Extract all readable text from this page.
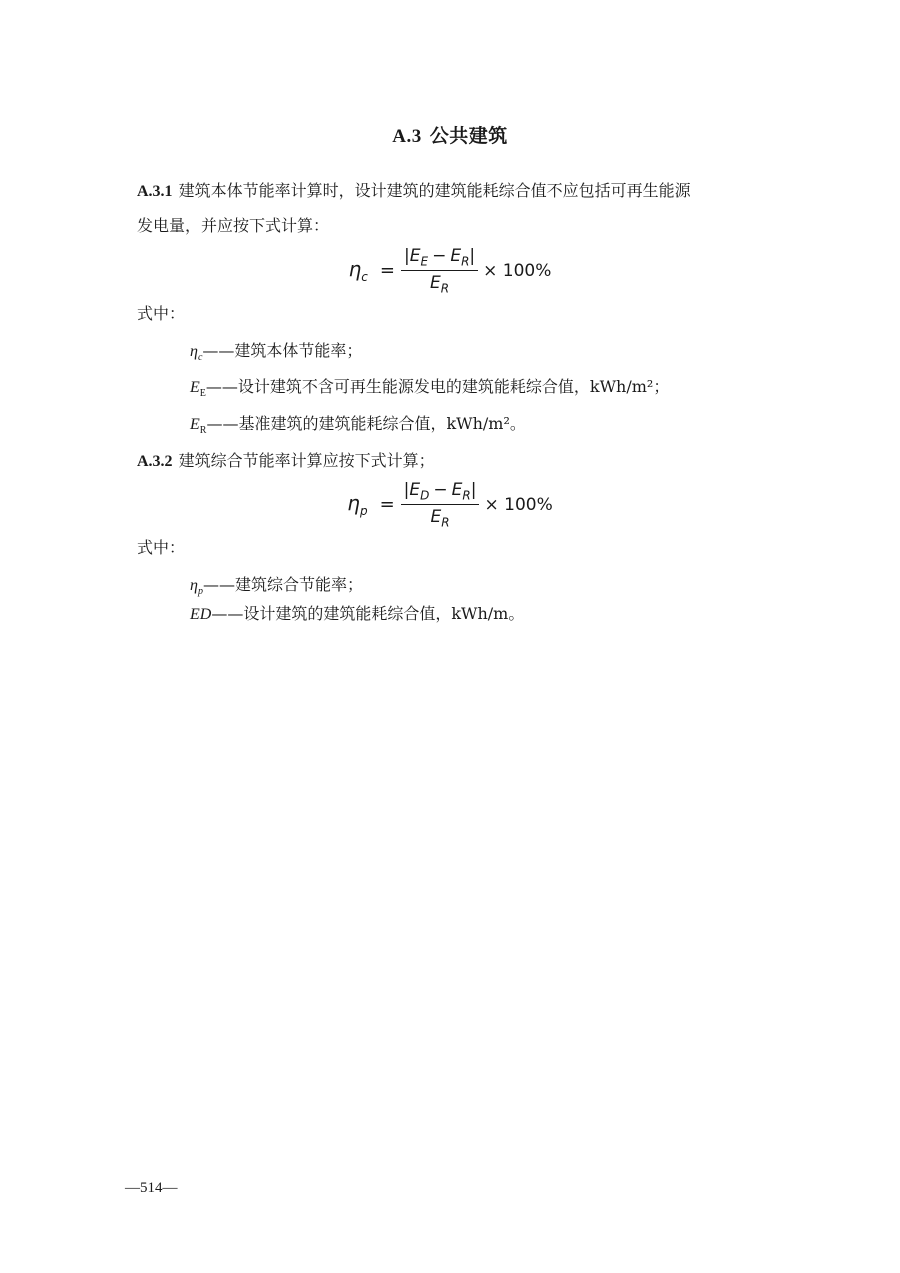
A.3 公共建筑
A.3.1 建筑本体节能率计算时，设计建筑的建筑能耗综合值不应包括可再生能源
发电量，并应按下式计算：
$\eta_c = \frac{|E_E - E_R|}{E_R} \times 100\%$
式中：
$\eta_c——$建筑本体节能率；
$E_E——$设计建筑不含可再生能源发电的建筑能耗综合值，kWh/m²；
$E_R——$基准建筑的建筑能耗综合值，kWh/m²。
A.3.2 建筑综合节能率计算应按下式计算；
$\eta_p = \frac{|E_D - E_R|}{E_R} \times 100\%$
式中：
$\eta_p——$建筑综合节能率；
ED——设计建筑的建筑能耗综合值，kWh/m。
—514—
